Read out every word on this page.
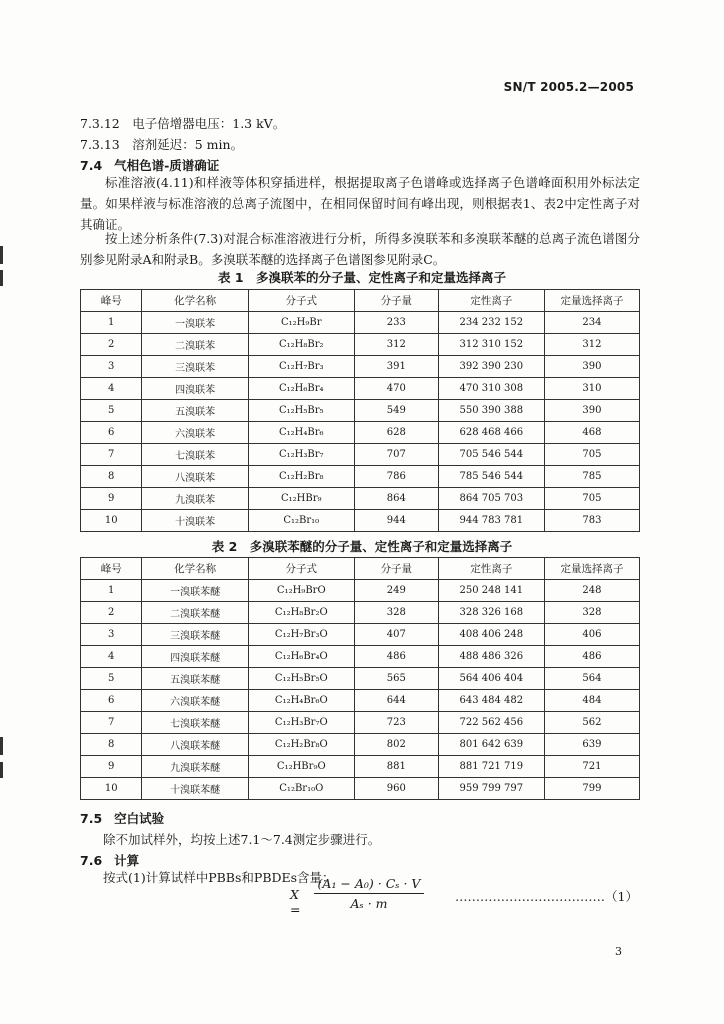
SN/T 2005.2—2005
7.3.12　电子倍增器电压：1.3 kV。
7.3.13　溶剂延迟：5 min。
7.4 气相色谱-质谱确证
标准溶液(4.11)和样液等体积穿插进样，根据提取离子色谱峰或选择离子色谱峰面积用外标法定量。如果样液与标准溶液的总离子流图中，在相同保留时间有峰出现，则根据表1、表2中定性离子对其确证。
按上述分析条件(7.3)对混合标准溶液进行分析，所得多溴联苯和多溴联苯醚的总离子流色谱图分别参见附录A和附录B。多溴联苯醚的选择离子色谱图参见附录C。
表 1　多溴联苯的分子量、定性离子和定量选择离子
峰号	化学名称	分子式	分子量	定性离子	定量选择离子
1	一溴联苯	C₁₂H₉Br	233	234 232 152	234
2	二溴联苯	C₁₂H₈Br₂	312	312 310 152	312
3	三溴联苯	C₁₂H₇Br₃	391	392 390 230	390
4	四溴联苯	C₁₂H₆Br₄	470	470 310 308	310
5	五溴联苯	C₁₂H₅Br₅	549	550 390 388	390
6	六溴联苯	C₁₂H₄Br₆	628	628 468 466	468
7	七溴联苯	C₁₂H₃Br₇	707	705 546 544	705
8	八溴联苯	C₁₂H₂Br₈	786	785 546 544	785
9	九溴联苯	C₁₂HBr₉	864	864 705 703	705
10	十溴联苯	C₁₂Br₁₀	944	944 783 781	783
表 2　多溴联苯醚的分子量、定性离子和定量选择离子
峰号	化学名称	分子式	分子量	定性离子	定量选择离子
1	一溴联苯醚	C₁₂H₉BrO	249	250 248 141	248
2	二溴联苯醚	C₁₂H₈Br₂O	328	328 326 168	328
3	三溴联苯醚	C₁₂H₇Br₃O	407	408 406 248	406
4	四溴联苯醚	C₁₂H₆Br₄O	486	488 486 326	486
5	五溴联苯醚	C₁₂H₅Br₅O	565	564 406 404	564
6	六溴联苯醚	C₁₂H₄Br₆O	644	643 484 482	484
7	七溴联苯醚	C₁₂H₃Br₇O	723	722 562 456	562
8	八溴联苯醚	C₁₂H₂Br₈O	802	801 642 639	639
9	九溴联苯醚	C₁₂HBr₉O	881	881 721 719	721
10	十溴联苯醚	C₁₂Br₁₀O	960	959 799 797	799
7.5 空白试验
除不加试样外，均按上述7.1～7.4测定步骤进行。
7.6 计算
按式(1)计算试样中PBBs和PBDEs含量：
$X = \frac{\text{(A₁ − A₀) · Cₛ · V}}{\text{Aₛ · m}}$ ………………………………（1）
3
